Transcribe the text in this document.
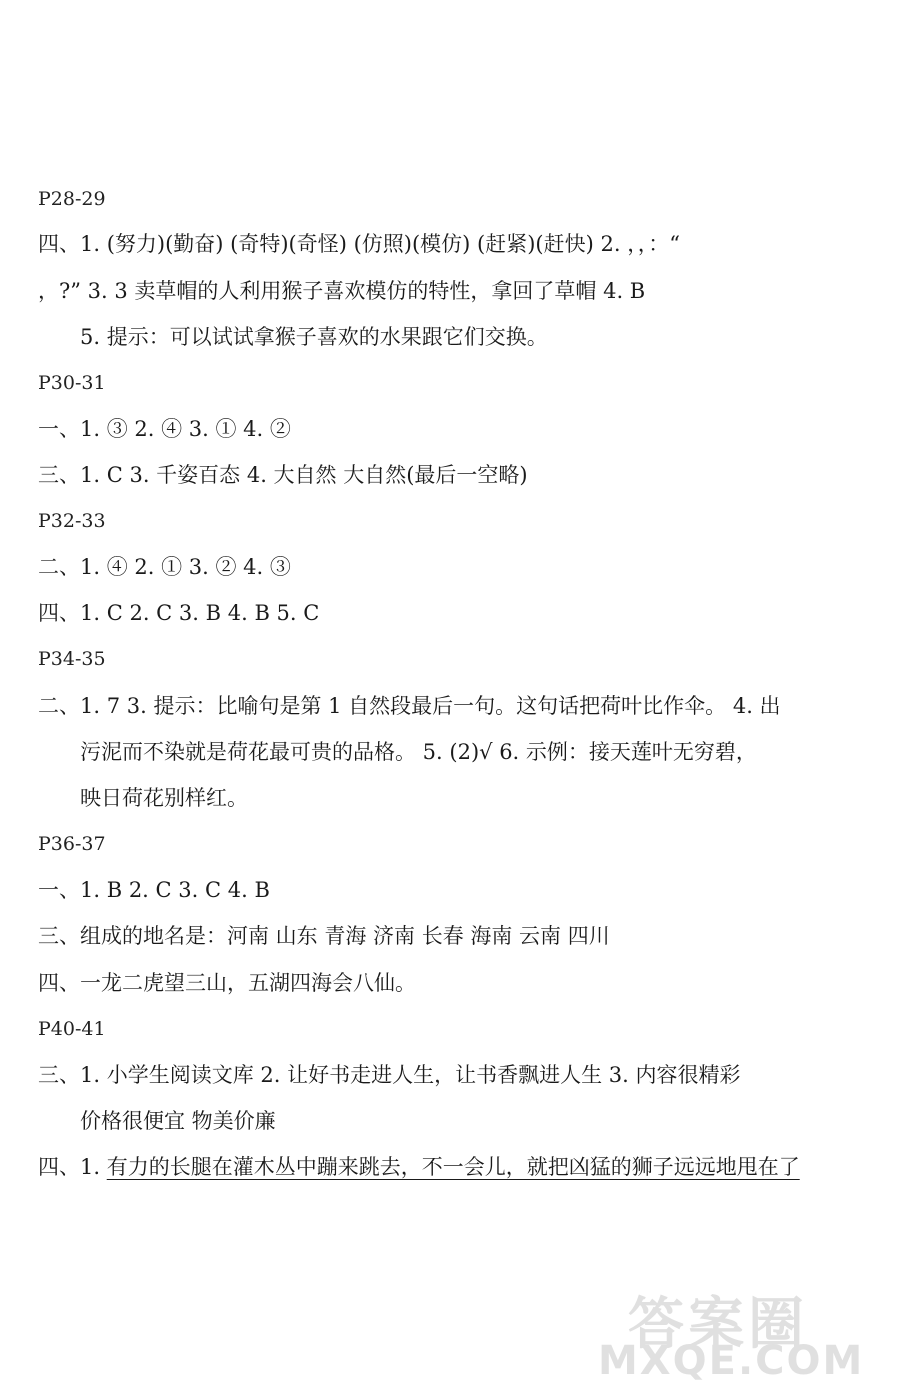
P28-29
四、1. (努力)(勤奋) (奇特)(奇怪) (仿照)(模仿) (赶紧)(赶快) 2. ，，：“
，?” 3. 3 卖草帽的人利用猴子喜欢模仿的特性，拿回了草帽 4. B
5. 提示：可以试试拿猴子喜欢的水果跟它们交换。
P30-31
一、1. ③ 2. ④ 3. ① 4. ②
三、1. C 3. 千姿百态 4. 大自然 大自然(最后一空略)
P32-33
二、1. ④ 2. ① 3. ② 4. ③
四、1. C 2. C 3. B 4. B 5. C
P34-35
二、1. 7 3. 提示：比喻句是第 1 自然段最后一句。这句话把荷叶比作伞。 4. 出
污泥而不染就是荷花最可贵的品格。 5. (2)√ 6. 示例：接天莲叶无穷碧，
映日荷花别样红。
P36-37
一、1. B 2. C 3. C 4. B
三、组成的地名是：河南 山东 青海 济南 长春 海南 云南 四川
四、一龙二虎望三山，五湖四海会八仙。
P40-41
三、1. 小学生阅读文库 2. 让好书走进人生，让书香飘进人生 3. 内容很精彩
价格很便宜 物美价廉
四、1. 有力的长腿在灌木丛中蹦来跳去，不一会儿，就把凶猛的狮子远远地甩在了
答案圈
MXQE.COM
